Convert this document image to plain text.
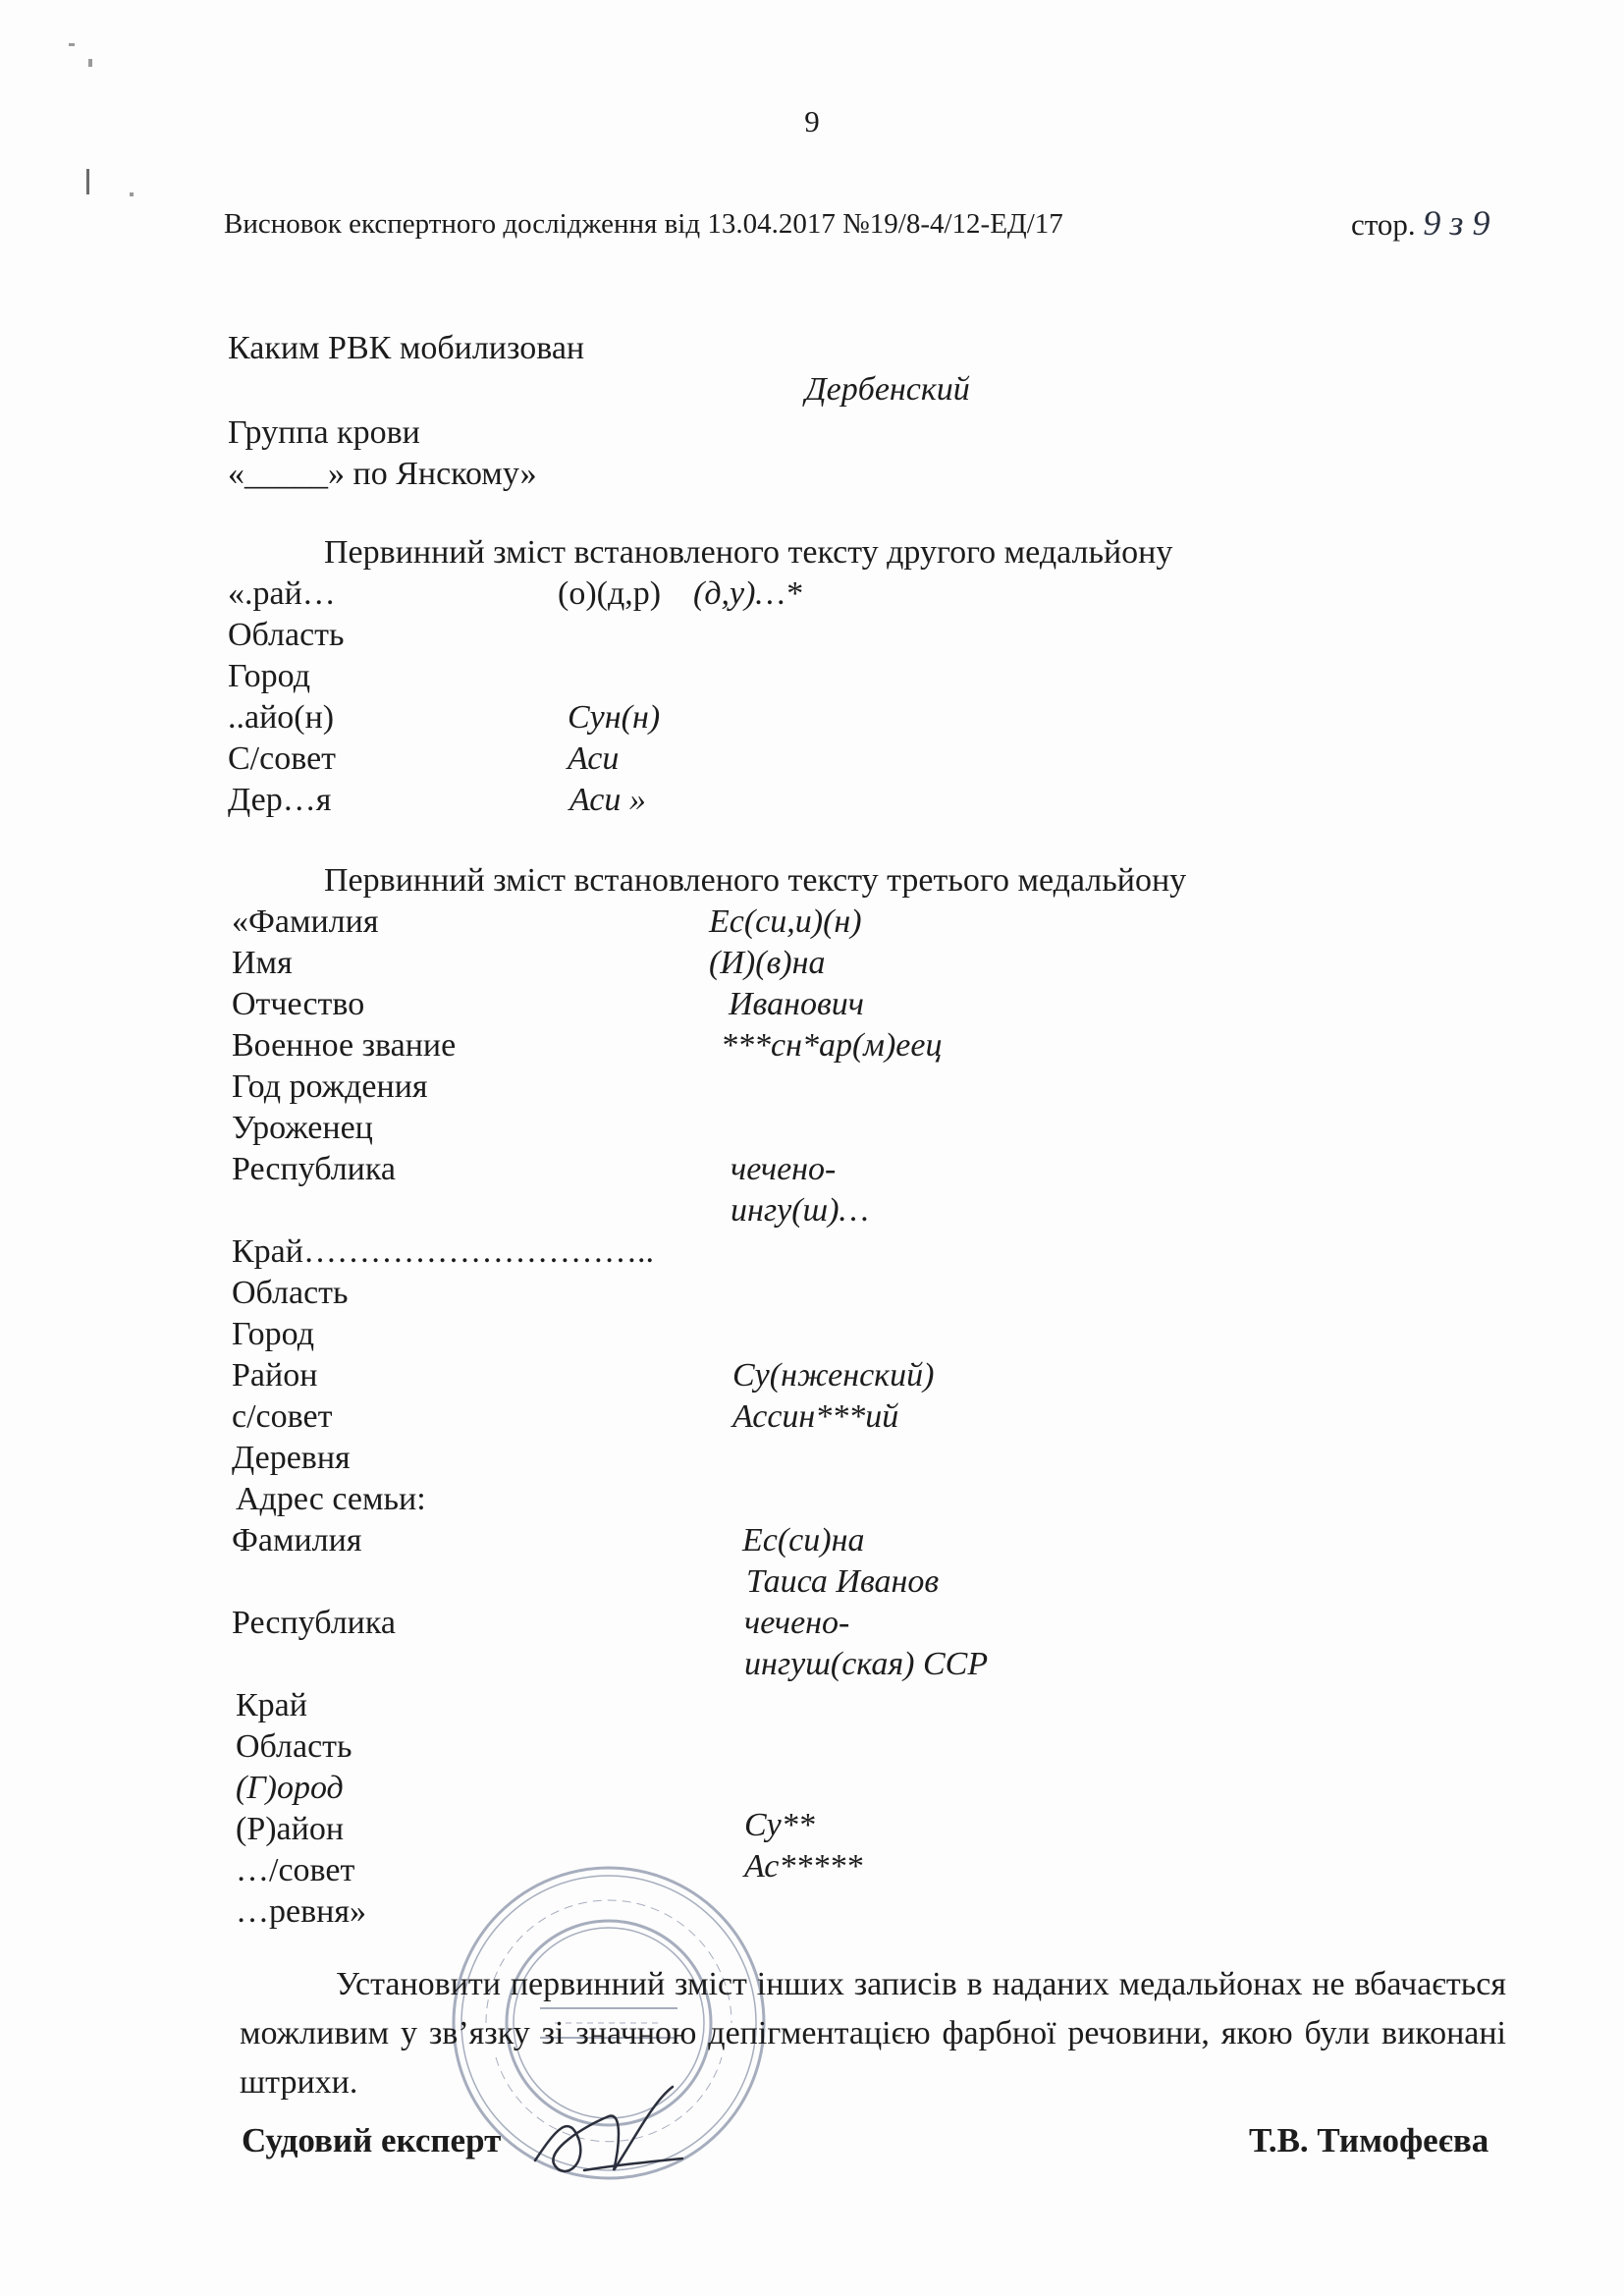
9
Висновок експертного дослідження від 13.04.2017 №19/8-4/12-ЕД/17	стор. 9 з 9
Каким РВК мобилизован
Дербенский
Группа крови
«_____» по Янскому»
Первинний зміст встановленого тексту другого медальйону
«.рай…	(о)(д,р) (д,у)…*
Область
Город
..айо(н)	Сун(н)
С/совет	Аси
Дер…я	Аси »
Первинний зміст встановленого тексту третього медальйону
«Фамилия	Ес(си,и)(н)
Имя	(И)(в)на
Отчество	Иванович
Военное звание	***сн*ар(м)еец
Год рождения
Уроженец
Республика	чечено-
ингу(ш)…
Край…………………………..
Область
Город
Район	Су(нженский)
с/совет	Ассин***ий
Деревня
Адрес семьи:
Фамилия	Ес(си)на
Таиса Иванов
Республика	чечено-
ингуш(ская) ССР
Край
Область
(Г)ород
(Р)айон	Су**
…/совет	Ас*****
…ревня»
Установити первинний зміст інших записів в наданих медальйонах не вбачається можливим у зв’язку зі значною депігментацією фарбної речовини, якою були виконані штрихи.
Судовий експерт	Т.В. Тимофеєва
